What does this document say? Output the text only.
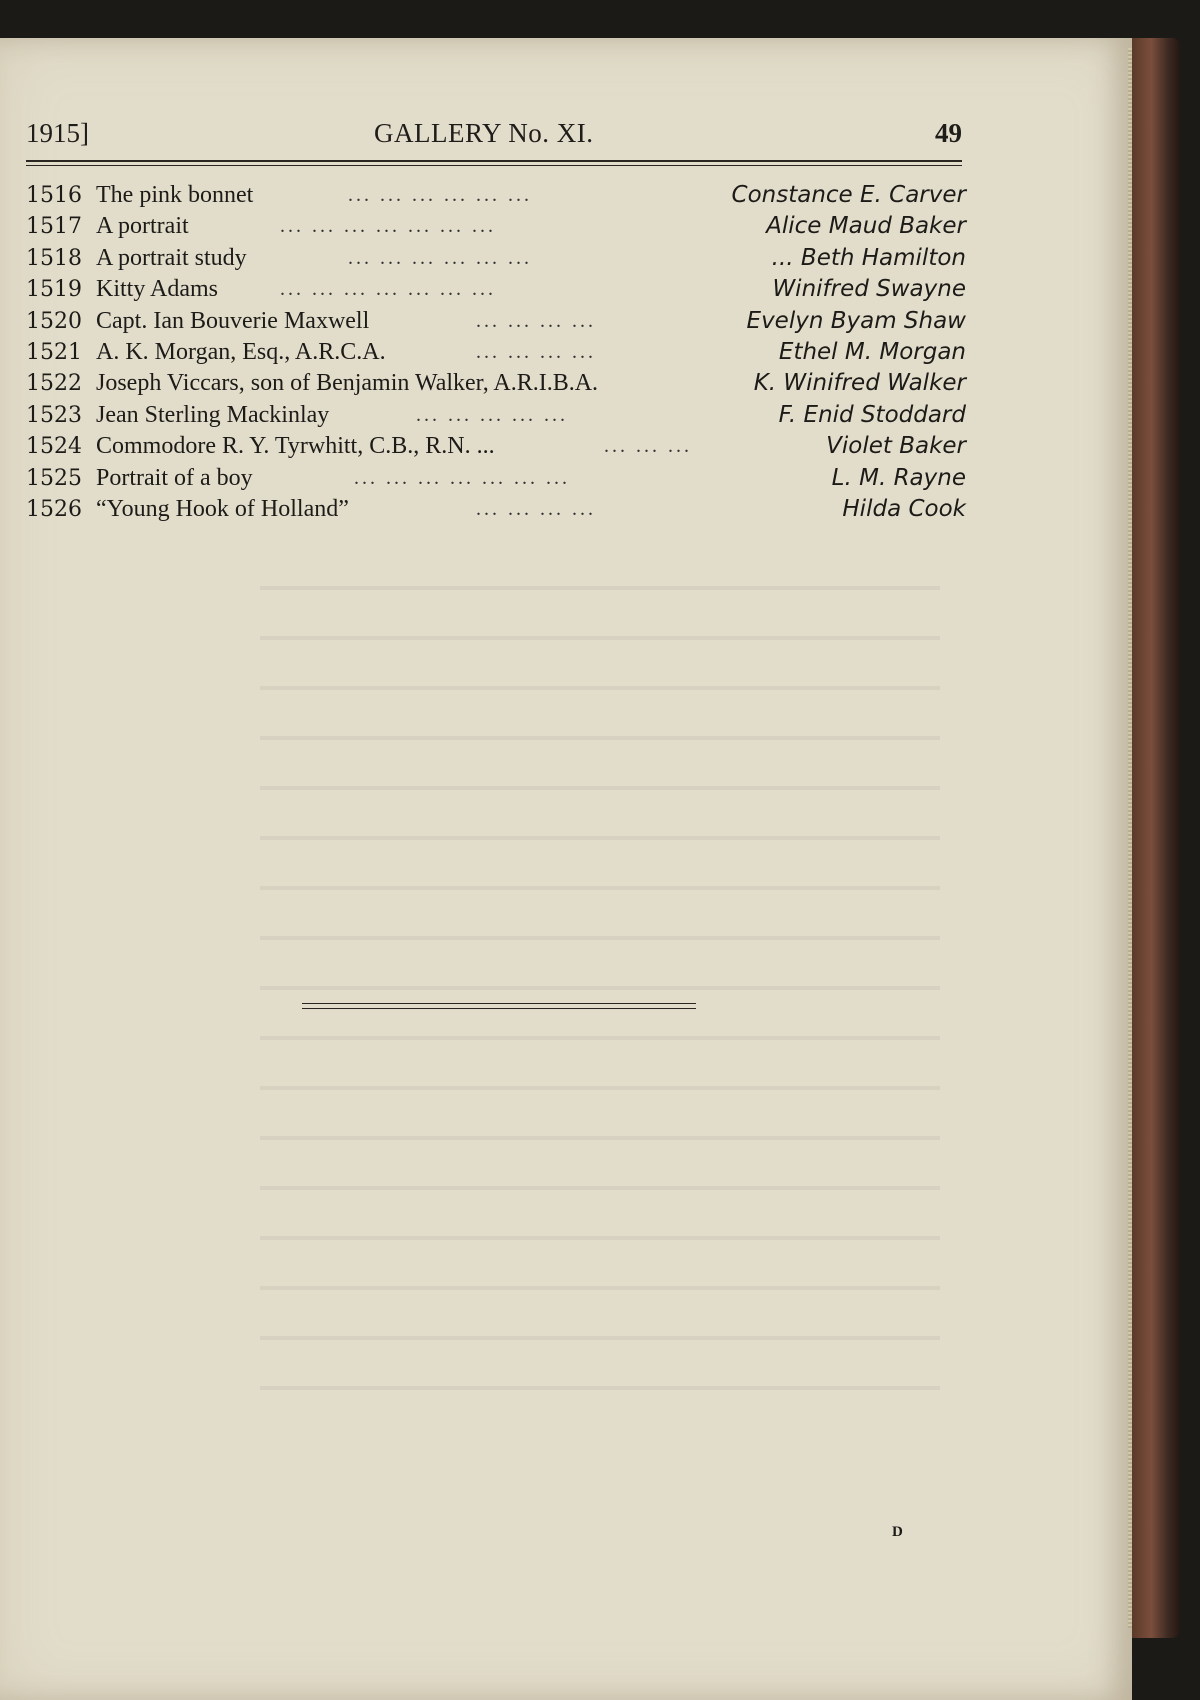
1915]	GALLERY No. XI.	49
1516 The pink bonnet	... ... ... ... ... ...	Constance E. Carver
1517 A portrait	... ... ... ... ... ... ...	Alice Maud Baker
1518 A portrait study	... ... ... ... ... ...	... Beth Hamilton
1519 Kitty Adams	... ... ... ... ... ... ...	Winifred Swayne
1520 Capt. Ian Bouverie Maxwell	... ... ... ...	Evelyn Byam Shaw
1521 A. K. Morgan, Esq., A.R.C.A.	... ... ... ...	Ethel M. Morgan
1522 Joseph Viccars, son of Benjamin Walker, A.R.I.B.A.	K. Winifred Walker
1523 Jean Sterling Mackinlay	... ... ... ... ...	F. Enid Stoddard
1524 Commodore R. Y. Tyrwhitt, C.B., R.N. ...	... ... ...	Violet Baker
1525 Portrait of a boy	... ... ... ... ... ... ...	L. M. Rayne
1526 “Young Hook of Holland”	... ... ... ...	Hilda Cook
D
